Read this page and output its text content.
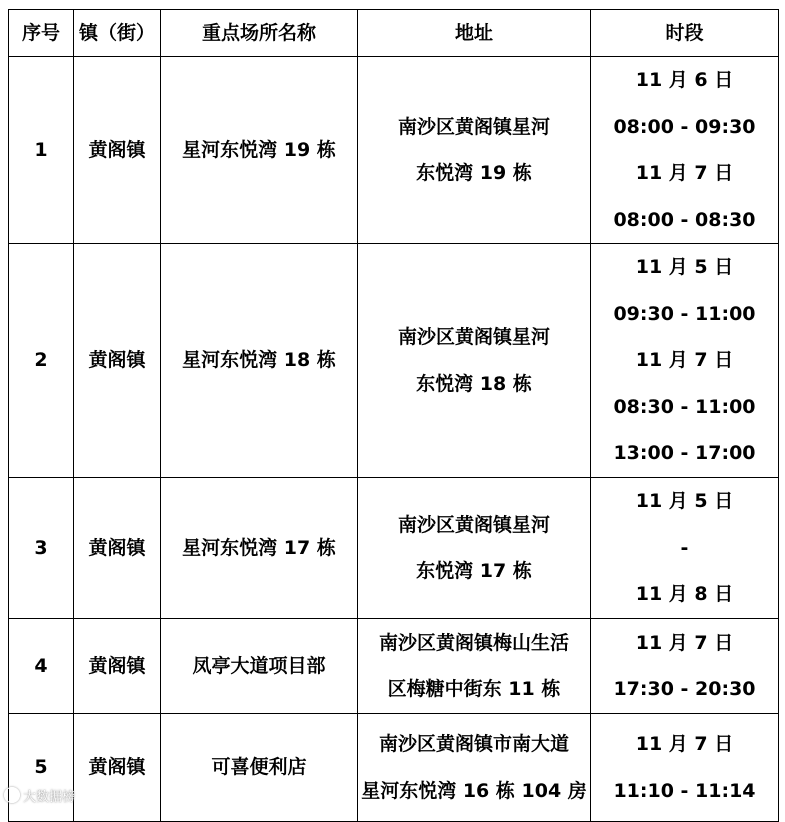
序号	镇（街）	重点场所名称	地址	时段
1	黄阁镇	星河东悦湾 19 栋	南沙区黄阁镇星河
东悦湾 19 栋	11 月 6 日
08:00 - 09:30
11 月 7 日
08:00 - 08:30

2	黄阁镇	星河东悦湾 18 栋	南沙区黄阁镇星河
东悦湾 18 栋	11 月 5 日
09:30 - 11:00
11 月 7 日
08:30 - 11:00
13:00 - 17:00

3	黄阁镇	星河东悦湾 17 栋	南沙区黄阁镇星河
东悦湾 17 栋	11 月 5 日
-
11 月 8 日

4	黄阁镇	凤亭大道项目部	南沙区黄阁镇梅山生活
区梅糖中街东 11 栋	11 月 7 日
17:30 - 20:30

5	黄阁镇	可喜便利店	南沙区黄阁镇市南大道
星河东悦湾 16 栋 104 房	11 月 7 日
11:10 - 11:14
大数据榜
